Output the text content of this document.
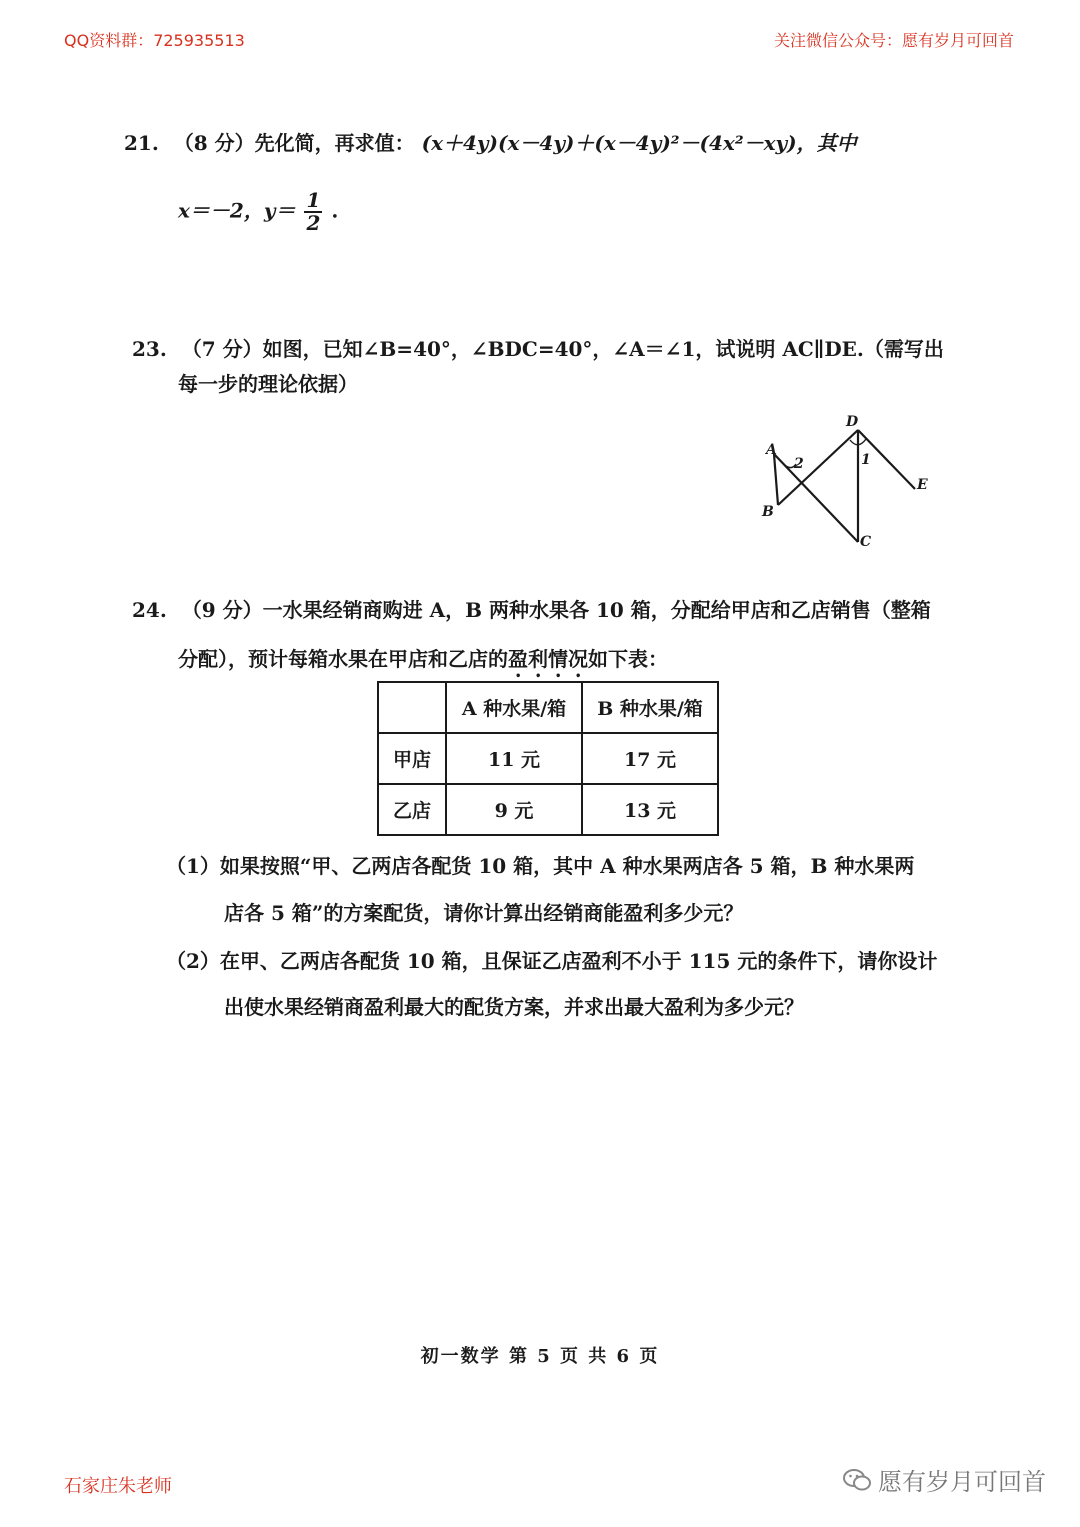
QQ资料群：725935513	关注微信公众号：愿有岁月可回首
21. （8 分）先化简，再求值： (x＋4y)(x－4y)＋(x－4y)²－(4x²－xy)，其中
x＝－2，$y= \frac{1}{2}$ .
23. （7 分）如图，已知∠B=40°，∠BDC=40°，∠A＝∠1，试说明 AC∥DE.（需写出
每一步的理论依据）
A
B
C
D
E
1
2
24. （9 分）一水果经销商购进 A，B 两种水果各 10 箱，分配给甲店和乙店销售（整箱
分配），预计每箱水果在甲店和乙店的盈利情况如下表：
	A 种水果/箱	B 种水果/箱
甲店	11 元	17 元
乙店	9 元	13 元
（1）如果按照“甲、乙两店各配货 10 箱，其中 A 种水果两店各 5 箱，B 种水果两
店各 5 箱”的方案配货，请你计算出经销商能盈利多少元？
（2）在甲、乙两店各配货 10 箱，且保证乙店盈利不小于 115 元的条件下，请你设计
出使水果经销商盈利最大的配货方案，并求出最大盈利为多少元？
初一数学 第 5 页 共 6 页
石家庄朱老师	愿有岁月可回首
